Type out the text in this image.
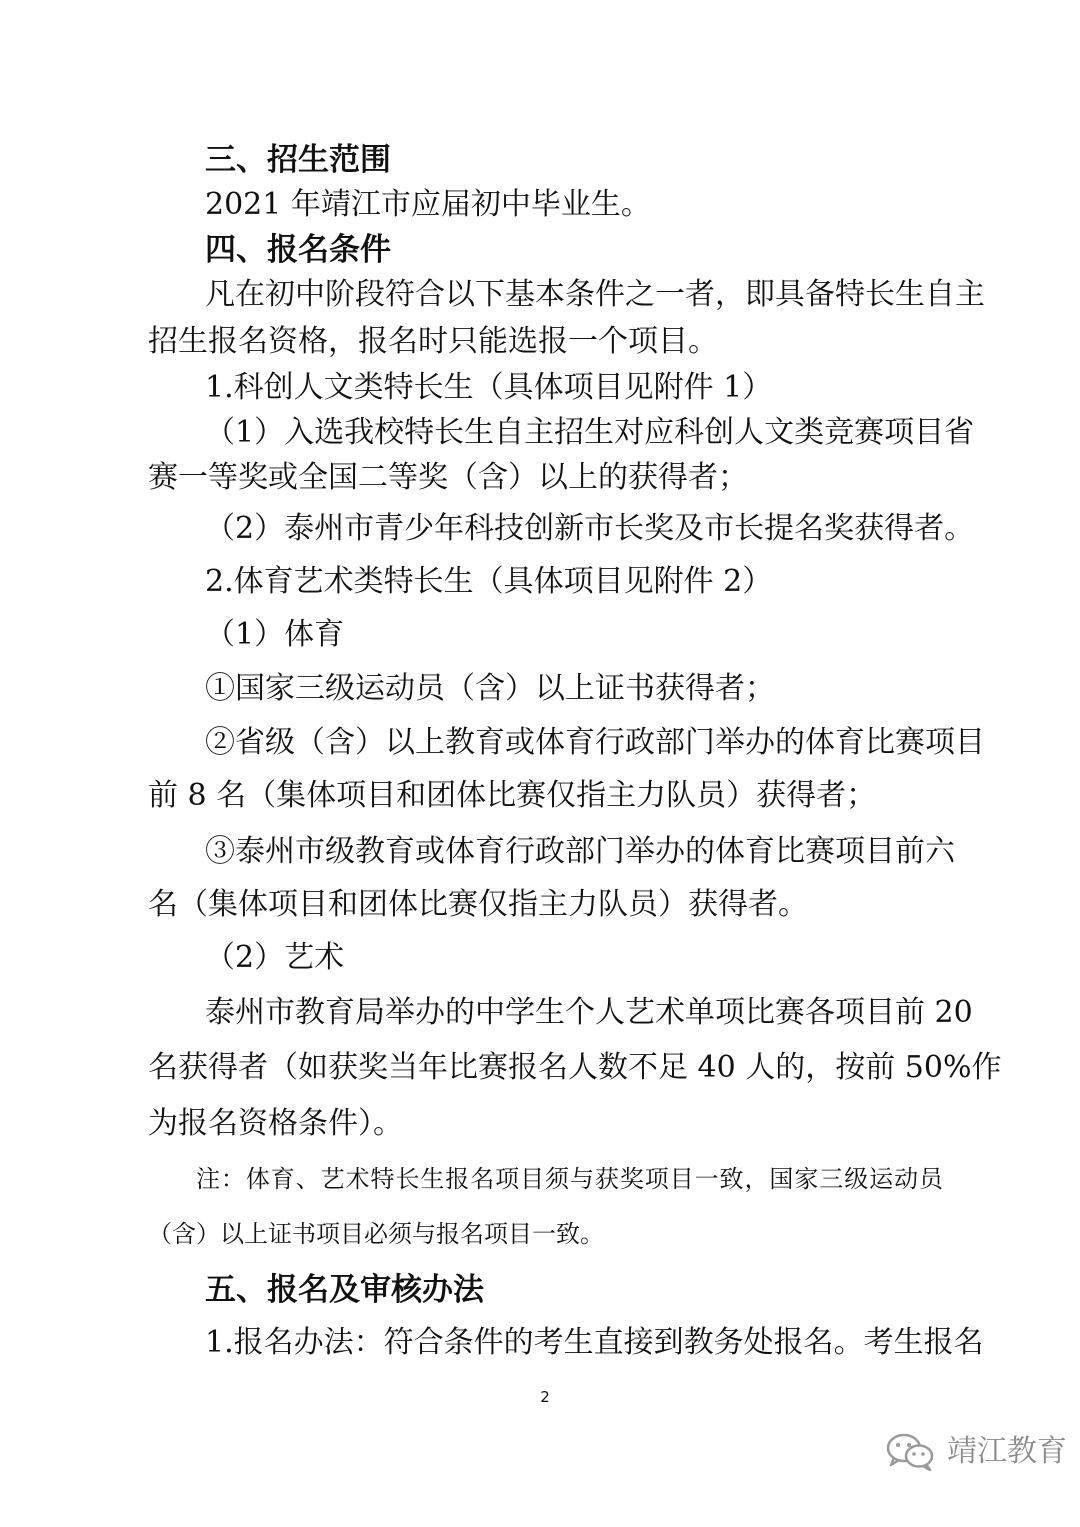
三、招生范围
2021 年靖江市应届初中毕业生。
四、报名条件
凡在初中阶段符合以下基本条件之一者，即具备特长生自主
招生报名资格，报名时只能选报一个项目。
1.科创人文类特长生（具体项目见附件 1）
（1）入选我校特长生自主招生对应科创人文类竞赛项目省
赛一等奖或全国二等奖（含）以上的获得者；
（2）泰州市青少年科技创新市长奖及市长提名奖获得者。
2.体育艺术类特长生（具体项目见附件 2）
（1）体育
①国家三级运动员（含）以上证书获得者；
②省级（含）以上教育或体育行政部门举办的体育比赛项目
前 8 名（集体项目和团体比赛仅指主力队员）获得者；
③泰州市级教育或体育行政部门举办的体育比赛项目前六
名（集体项目和团体比赛仅指主力队员）获得者。
（2）艺术
泰州市教育局举办的中学生个人艺术单项比赛各项目前 20
名获得者（如获奖当年比赛报名人数不足 40 人的，按前 50%作
为报名资格条件）。
注：体育、艺术特长生报名项目须与获奖项目一致，国家三级运动员
（含）以上证书项目必须与报名项目一致。
五、报名及审核办法
1.报名办法：符合条件的考生直接到教务处报名。考生报名
2
靖江教育
